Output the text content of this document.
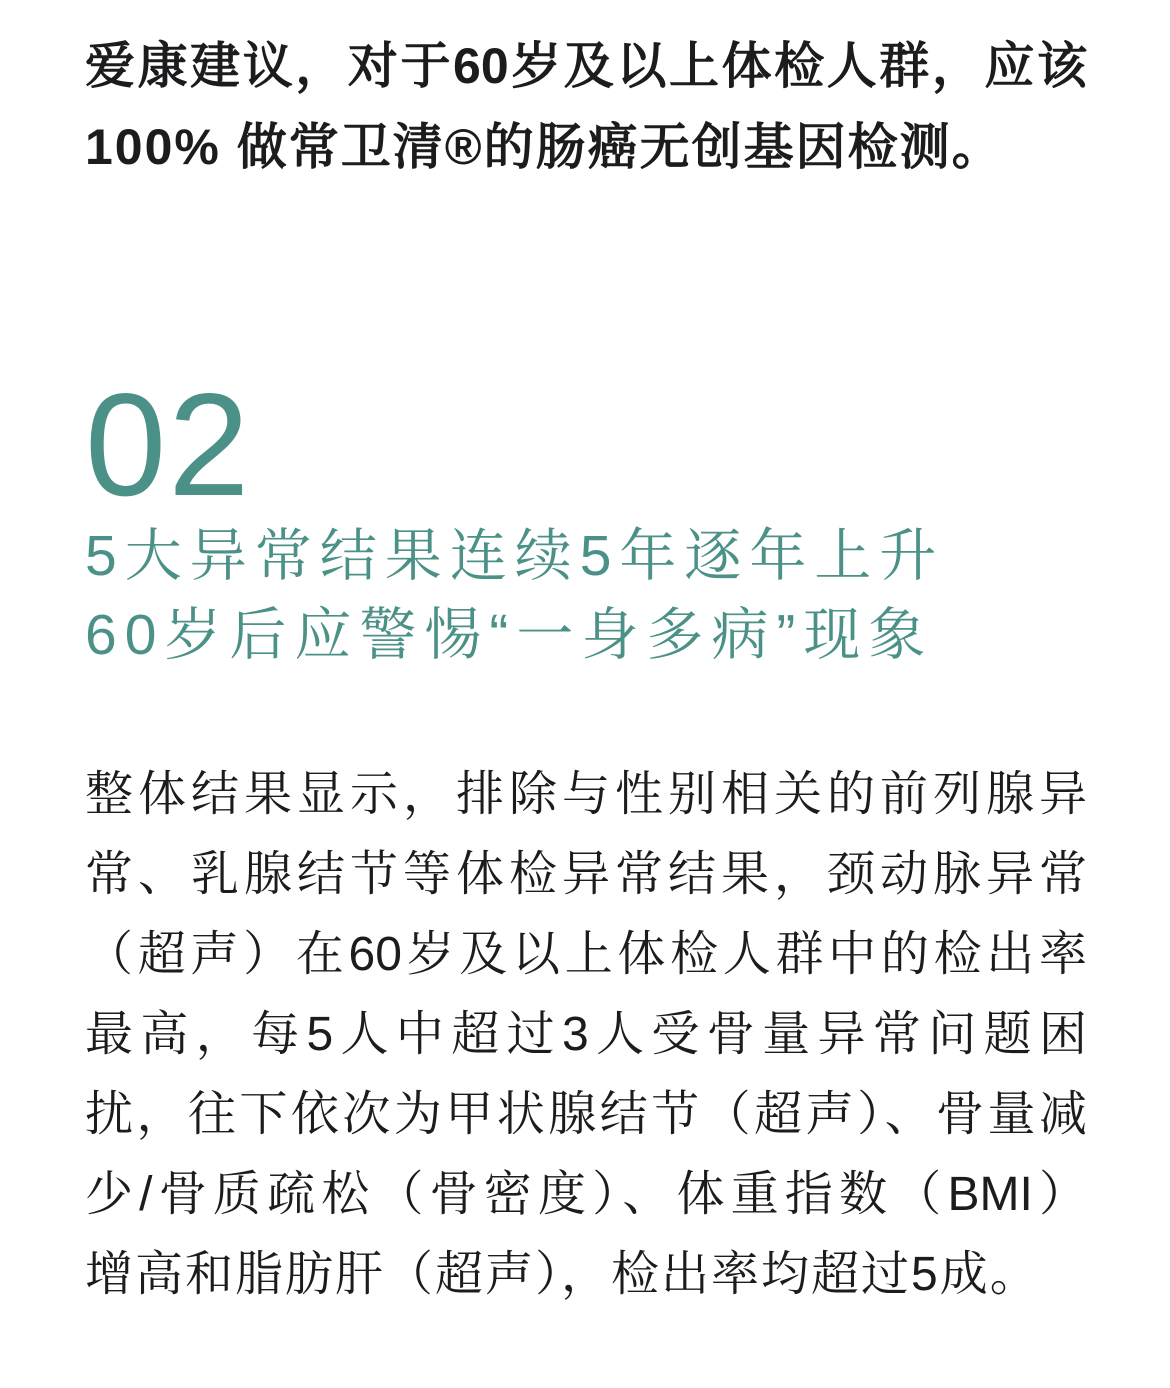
爱康建议，对于60岁及以上体检人群，应该
100% 做常卫清®的肠癌无创基因检测。
02
5大异常结果连续5年逐年上升
60岁后应警惕“一身多病”现象
整体结果显示，排除与性别相关的前列腺异
常、乳腺结节等体检异常结果，颈动脉异常
（超声）在60岁及以上体检人群中的检出率
最高，每5人中超过3人受骨量异常问题困
扰，往下依次为甲状腺结节（超声）、骨量减
少/骨质疏松（骨密度）、体重指数（BMI）
增高和脂肪肝（超声），检出率均超过5成。
